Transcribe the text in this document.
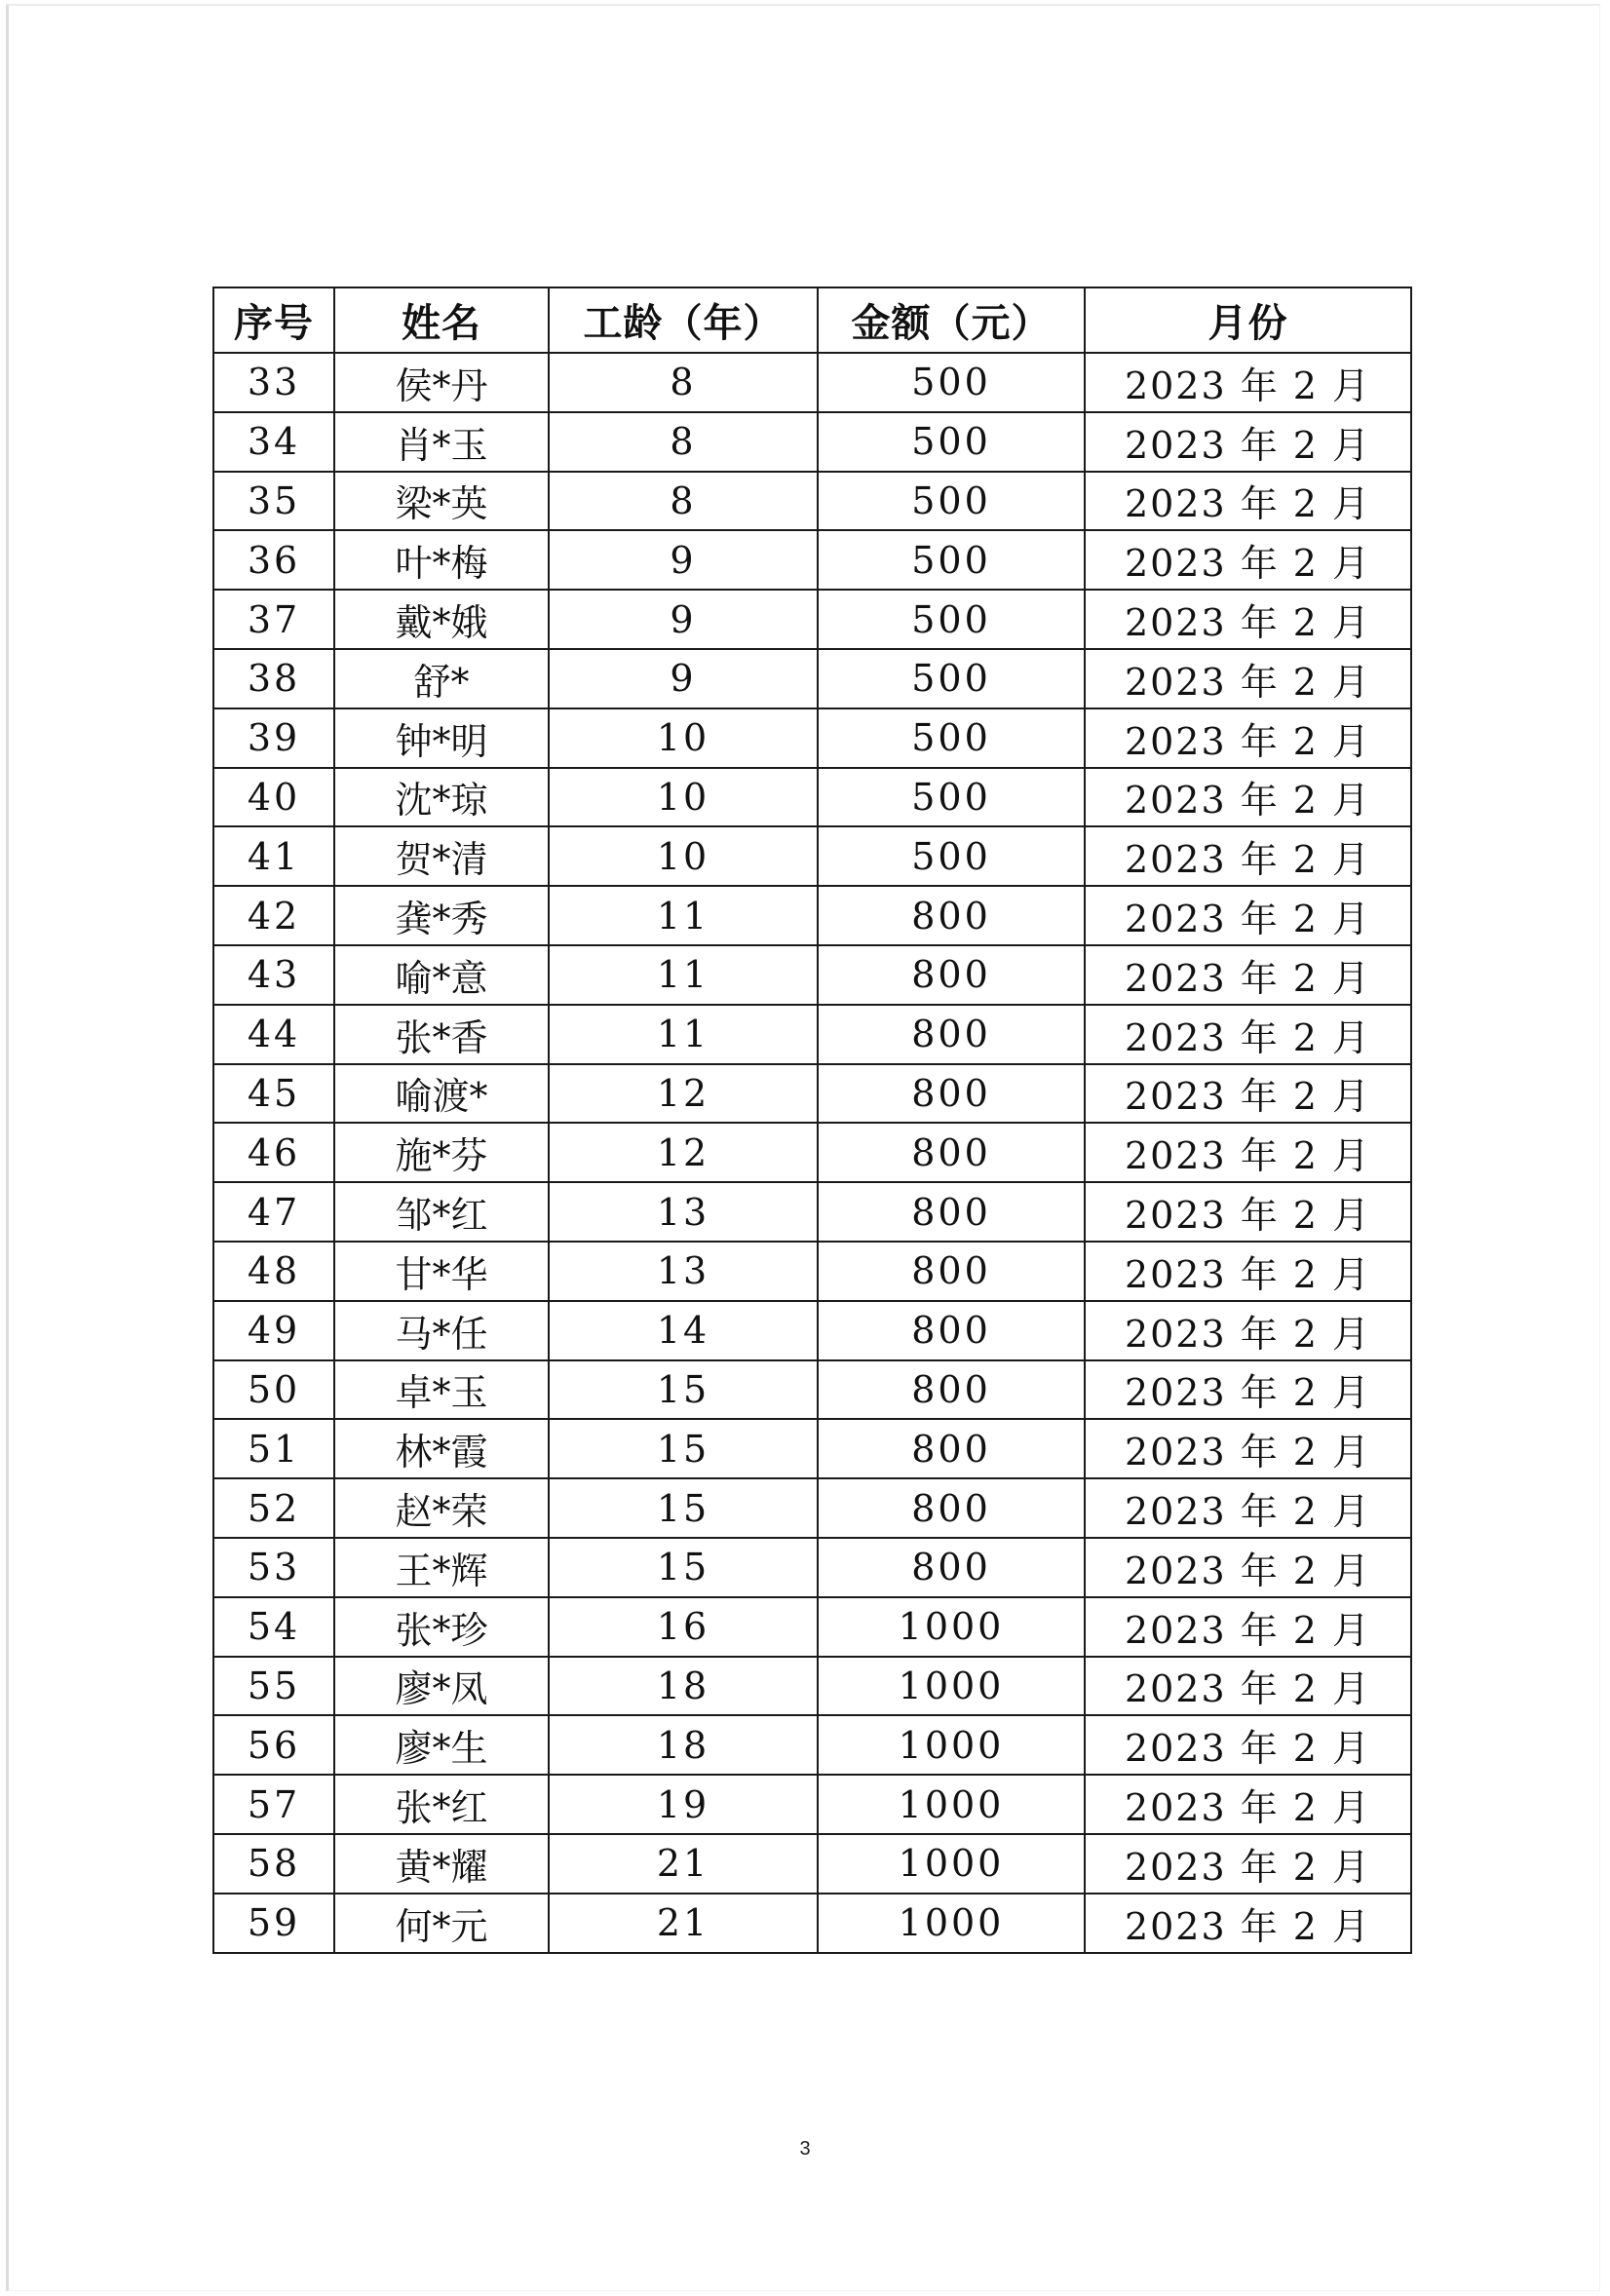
序号	姓名	工龄（年）	金额（元）	月份
33	侯*丹	8	500	2023 年 2 月
34	肖*玉	8	500	2023 年 2 月
35	梁*英	8	500	2023 年 2 月
36	叶*梅	9	500	2023 年 2 月
37	戴*娥	9	500	2023 年 2 月
38	舒*	9	500	2023 年 2 月
39	钟*明	10	500	2023 年 2 月
40	沈*琼	10	500	2023 年 2 月
41	贺*清	10	500	2023 年 2 月
42	龚*秀	11	800	2023 年 2 月
43	喻*意	11	800	2023 年 2 月
44	张*香	11	800	2023 年 2 月
45	喻渡*	12	800	2023 年 2 月
46	施*芬	12	800	2023 年 2 月
47	邹*红	13	800	2023 年 2 月
48	甘*华	13	800	2023 年 2 月
49	马*任	14	800	2023 年 2 月
50	卓*玉	15	800	2023 年 2 月
51	林*霞	15	800	2023 年 2 月
52	赵*荣	15	800	2023 年 2 月
53	王*辉	15	800	2023 年 2 月
54	张*珍	16	1000	2023 年 2 月
55	廖*凤	18	1000	2023 年 2 月
56	廖*生	18	1000	2023 年 2 月
57	张*红	19	1000	2023 年 2 月
58	黄*耀	21	1000	2023 年 2 月
59	何*元	21	1000	2023 年 2 月
3
